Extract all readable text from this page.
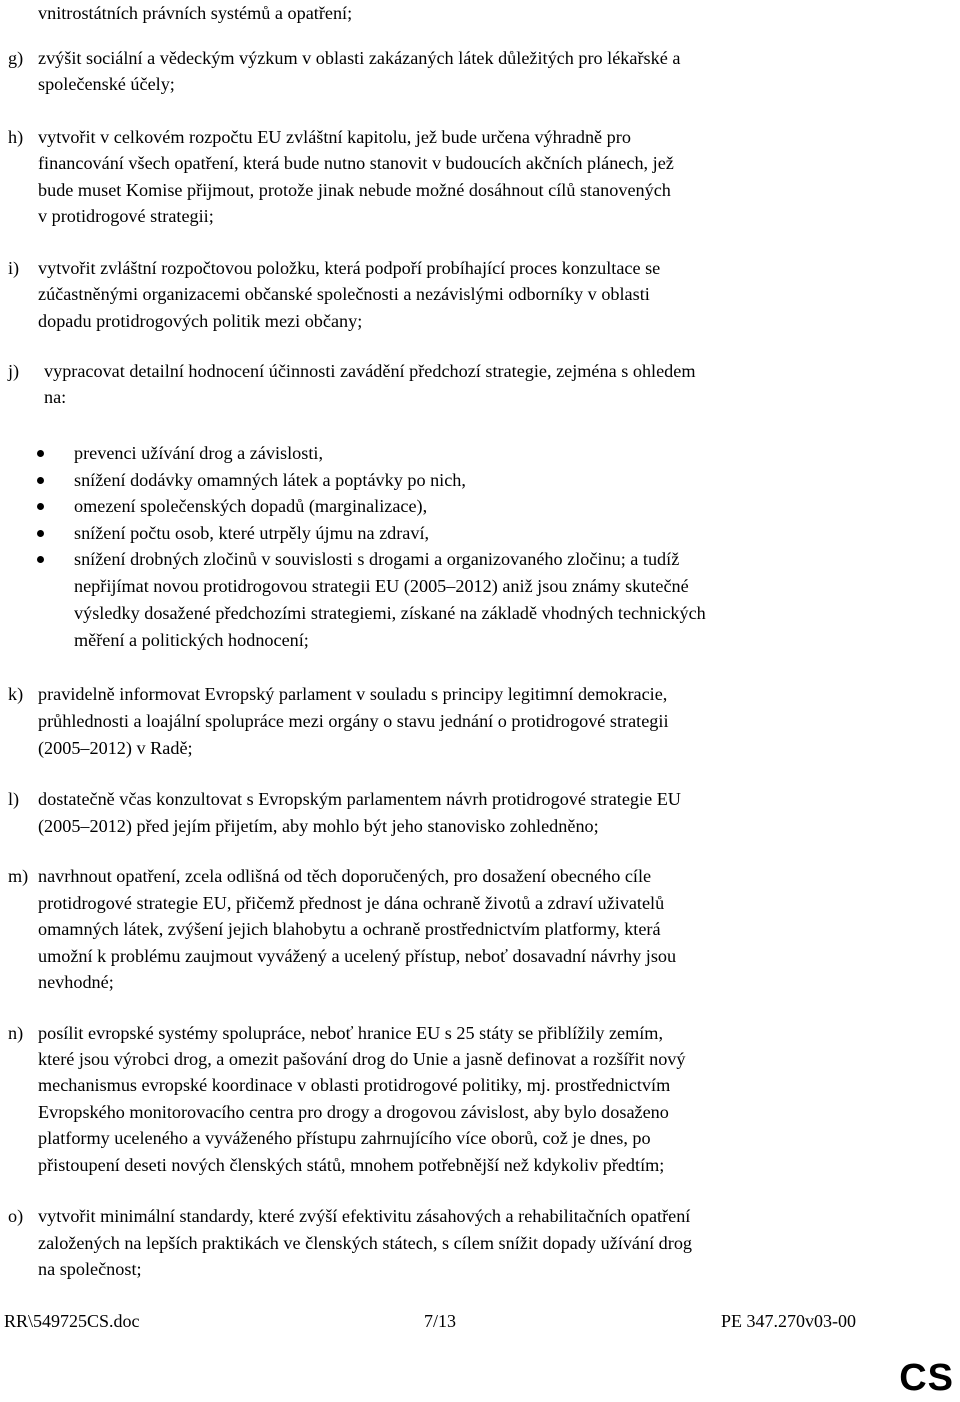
vnitrostátních právních systémů a opatření;
g) zvýšit sociální a vědeckým výzkum v oblasti zakázaných látek důležitých pro lékařské a
společenské účely;
h) vytvořit v celkovém rozpočtu EU zvláštní kapitolu, jež bude určena výhradně pro
financování všech opatření, která bude nutno stanovit v budoucích akčních plánech, jež
bude muset Komise přijmout, protože jinak nebude možné dosáhnout cílů stanovených
v protidrogové strategii;
i) vytvořit zvláštní rozpočtovou položku, která podpoří probíhající proces konzultace se
zúčastněnými organizacemi občanské společnosti a nezávislými odborníky v oblasti
dopadu protidrogových politik mezi občany;
j) vypracovat detailní hodnocení účinnosti zavádění předchozí strategie, zejména s ohledem
na:
prevenci užívání drog a závislosti,
snížení dodávky omamných látek a poptávky po nich,
omezení společenských dopadů (marginalizace),
snížení počtu osob, které utrpěly újmu na zdraví,
snížení drobných zločinů v souvislosti s drogami a organizovaného zločinu; a tudíž
nepřijímat novou protidrogovou strategii EU (2005–2012) aniž jsou známy skutečné
výsledky dosažené předchozími strategiemi, získané na základě vhodných technických
měření a politických hodnocení;
k) pravidelně informovat Evropský parlament v souladu s principy legitimní demokracie,
průhlednosti a loajální spolupráce mezi orgány o stavu jednání o protidrogové strategii
(2005–2012) v Radě;
l) dostatečně včas konzultovat s Evropským parlamentem návrh protidrogové strategie EU
(2005–2012) před jejím přijetím, aby mohlo být jeho stanovisko zohledněno;
m) navrhnout opatření, zcela odlišná od těch doporučených, pro dosažení obecného cíle
protidrogové strategie EU, přičemž přednost je dána ochraně životů a zdraví uživatelů
omamných látek, zvýšení jejich blahobytu a ochraně prostřednictvím platformy, která
umožní k problému zaujmout vyvážený a ucelený přístup, neboť dosavadní návrhy jsou
nevhodné;
n) posílit evropské systémy spolupráce, neboť hranice EU s 25 státy se přiblížily zemím,
které jsou výrobci drog, a omezit pašování drog do Unie a jasně definovat a rozšířit nový
mechanismus evropské koordinace v oblasti protidrogové politiky, mj. prostřednictvím
Evropského monitorovacího centra pro drogy a drogovou závislost, aby bylo dosaženo
platformy uceleného a vyváženého přístupu zahrnujícího více oborů, což je dnes, po
přistoupení deseti nových členských států, mnohem potřebnější než kdykoliv předtím;
o) vytvořit minimální standardy, které zvýší efektivitu zásahových a rehabilitačních opatření
založených na lepších praktikách ve členských státech, s cílem snížit dopady užívání drog
na společnost;
RR\549725CS.doc	7/13	PE 347.270v03-00
CS
